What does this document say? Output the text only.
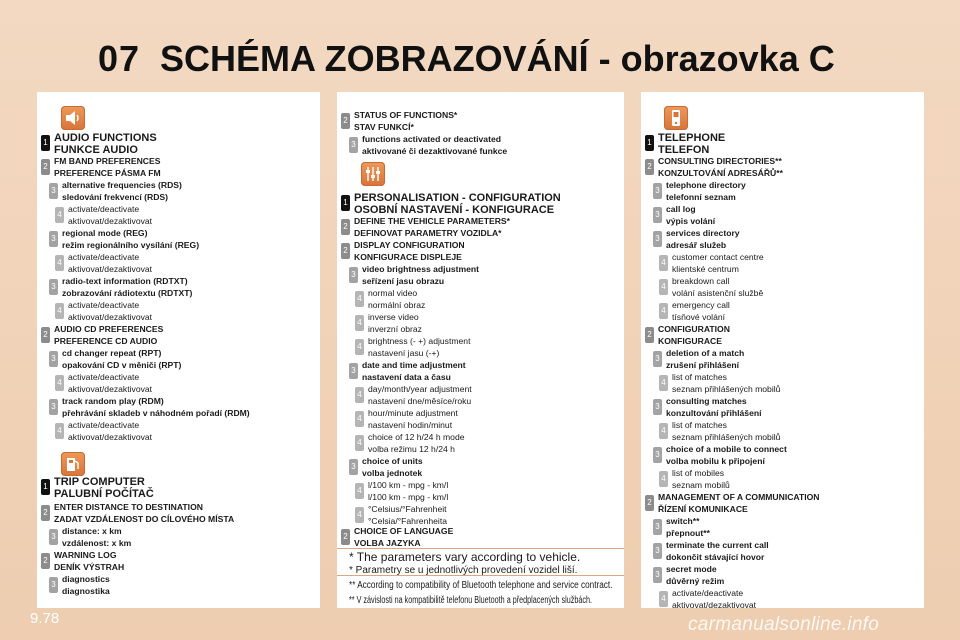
07 SCHÉMA ZOBRAZOVÁNÍ - obrazovka C
1 AUDIO FUNCTIONS
FUNKCE AUDIO
2
FM BAND PREFERENCES
PREFERENCE PÁSMA FM
3
alternative frequencies (RDS)
sledování frekvencí (RDS)
4
activate/deactivate
aktivovat/dezaktivovat
3
regional mode (REG)
režim regionálního vysílání (REG)
4
activate/deactivate
aktivovat/dezaktivovat
3
radio-text information (RDTXT)
zobrazování rádiotextu (RDTXT)
4
activate/deactivate
aktivovat/dezaktivovat
2
AUDIO CD PREFERENCES
PREFERENCE CD AUDIO
3
cd changer repeat (RPT)
opakování CD v měniči (RPT)
4
activate/deactivate
aktivovat/dezaktivovat
3
track random play (RDM)
přehrávání skladeb v náhodném pořadí (RDM)
4
activate/deactivate
aktivovat/dezaktivovat
1 TRIP COMPUTER
PALUBNÍ POČÍTAČ
2
ENTER DISTANCE TO DESTINATION
ZADAT VZDÁLENOST DO CÍLOVÉHO MÍSTA
3
distance: x km
vzdálenost: x km
2
WARNING LOG
DENÍK VÝSTRAH
3
diagnostics
diagnostika
2
STATUS OF FUNCTIONS*
STAV FUNKCÍ*
3
functions activated or deactivated
aktivované či dezaktivované funkce
1 PERSONALISATION - CONFIGURATION
OSOBNÍ NASTAVENÍ - KONFIGURACE
2
DEFINE THE VEHICLE PARAMETERS*
DEFINOVAT PARAMETRY VOZIDLA*
2
DISPLAY CONFIGURATION
KONFIGURACE DISPLEJE
3
video brightness adjustment
seřízení jasu obrazu
4
normal video
normální obraz
4
inverse video
inverzní obraz
4
brightness (- +) adjustment
nastavení jasu (-+)
3
date and time adjustment
nastavení data a času
4
day/month/year adjustment
nastavení dne/měsíce/roku
4
hour/minute adjustment
nastavení hodin/minut
4
choice of 12 h/24 h mode
volba režimu 12 h/24 h
3
choice of units
volba jednotek
4
l/100 km - mpg - km/l
l/100 km - mpg - km/l
4
°Celsius/°Fahrenheit
°Celsia/°Fahrenheita
2
CHOICE OF LANGUAGE
VOLBA JAZYKA
1 TELEPHONE
TELEFON
2
CONSULTING DIRECTORIES**
KONZULTOVÁNÍ ADRESÁŘŮ**
3
telephone directory
telefonní seznam
3
call log
výpis volání
3
services directory
adresář služeb
4
customer contact centre
klientské centrum
4
breakdown call
volání asistenční službě
4
emergency call
tísňové volání
2
CONFIGURATION
KONFIGURACE
3
deletion of a match
zrušení přihlášení
4
list of matches
seznam přihlášených mobilů
3
consulting matches
konzultování přihlášení
4
list of matches
seznam přihlášených mobilů
3
choice of a mobile to connect
volba mobilu k připojení
4
list of mobiles
seznam mobilů
2
MANAGEMENT OF A COMMUNICATION
ŘÍZENÍ KOMUNIKACE
3
switch**
přepnout**
3
terminate the current call
dokončit stávající hovor
3
secret mode
důvěrný režim
4
activate/deactivate
aktivovat/dezaktivovat
* The parameters vary according to vehicle.
* Parametry se u jednotlivých provedení vozidel liší.
** According to compatibility of Bluetooth telephone and service contract.
** V závislosti na kompatibilitě telefonu Bluetooth a předplacených službách.
9.78	carmanualsonline.info
